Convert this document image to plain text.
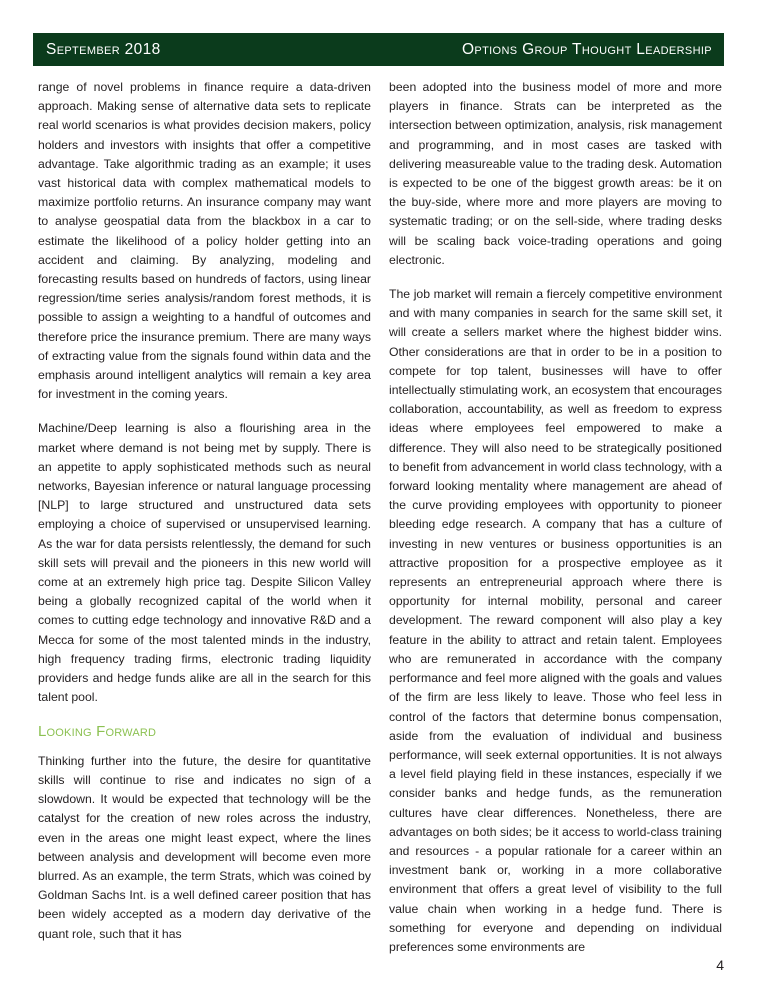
September 2018	Options Group Thought Leadership

range of novel problems in finance require a data-driven approach. Making sense of alternative data sets to replicate real world scenarios is what provides decision makers, policy holders and investors with insights that offer a competitive advantage. Take algorithmic trading as an example; it uses vast historical data with complex mathematical models to maximize portfolio returns. An insurance company may want to analyse geospatial data from the blackbox in a car to estimate the likelihood of a policy holder getting into an accident and claiming. By analyzing, modeling and forecasting results based on hundreds of factors, using linear regression/time series analysis/random forest methods, it is possible to assign a weighting to a handful of outcomes and therefore price the insurance premium. There are many ways of extracting value from the signals found within data and the emphasis around intelligent analytics will remain a key area for investment in the coming years.

Machine/Deep learning is also a flourishing area in the market where demand is not being met by supply. There is an appetite to apply sophisticated methods such as neural networks, Bayesian inference or natural language processing [NLP] to large structured and unstructured data sets employing a choice of supervised or unsupervised learning. As the war for data persists relentlessly, the demand for such skill sets will prevail and the pioneers in this new world will come at an extremely high price tag. Despite Silicon Valley being a globally recognized capital of the world when it comes to cutting edge technology and innovative R&D and a Mecca for some of the most talented minds in the industry, high frequency trading firms, electronic trading liquidity providers and hedge funds alike are all in the search for this talent pool.

Looking Forward

Thinking further into the future, the desire for quantitative skills will continue to rise and indicates no sign of a slowdown. It would be expected that technology will be the catalyst for the creation of new roles across the industry, even in the areas one might least expect, where the lines between analysis and development will become even more blurred. As an example, the term Strats, which was coined by Goldman Sachs Int. is a well defined career position that has been widely accepted as a modern day derivative of the quant role, such that it has

been adopted into the business model of more and more players in finance. Strats can be interpreted as the intersection between optimization, analysis, risk management and programming, and in most cases are tasked with delivering measureable value to the trading desk. Automation is expected to be one of the biggest growth areas: be it on the buy-side, where more and more players are moving to systematic trading; or on the sell-side, where trading desks will be scaling back voice-trading operations and going electronic.

The job market will remain a fiercely competitive environment and with many companies in search for the same skill set, it will create a sellers market where the highest bidder wins. Other considerations are that in order to be in a position to compete for top talent, businesses will have to offer intellectually stimulating work, an ecosystem that encourages collaboration, accountability, as well as freedom to express ideas where employees feel empowered to make a difference. They will also need to be strategically positioned to benefit from advancement in world class technology, with a forward looking mentality where management are ahead of the curve providing employees with opportunity to pioneer bleeding edge research. A company that has a culture of investing in new ventures or business opportunities is an attractive proposition for a prospective employee as it represents an entrepreneurial approach where there is opportunity for internal mobility, personal and career development. The reward component will also play a key feature in the ability to attract and retain talent. Employees who are remunerated in accordance with the company performance and feel more aligned with the goals and values of the firm are less likely to leave. Those who feel less in control of the factors that determine bonus compensation, aside from the evaluation of individual and business performance, will seek external opportunities. It is not always a level field playing field in these instances, especially if we consider banks and hedge funds, as the remuneration cultures have clear differences. Nonetheless, there are advantages on both sides; be it access to world-class training and resources - a popular rationale for a career within an investment bank or, working in a more collaborative environment that offers a great level of visibility to the full value chain when working in a hedge fund. There is something for everyone and depending on individual preferences some environments are

4
